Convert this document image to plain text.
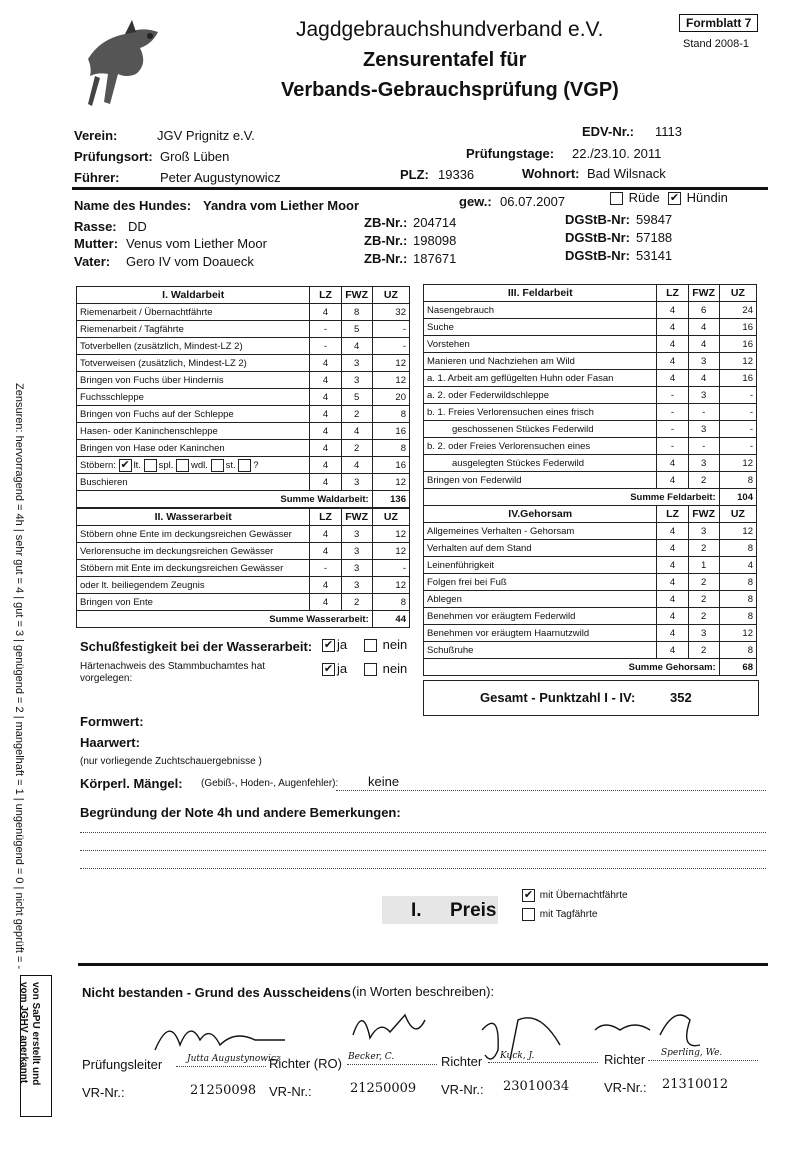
Jagdgebrauchshundverband e.V.
Zensurentafel für
Verbands-Gebrauchsprüfung (VGP)
Formblatt 7
Stand 2008-1
Verein:	JGV Prignitz e.V.	EDV-Nr.: 1113
Prüfungsort: Groß Lüben	Prüfungstage: 22./23.10. 2011
Führer:	Peter Augustynowicz	PLZ: 19336	Wohnort: Bad Wilsnack
Name des Hundes: Yandra vom Liether Moor	gew.: 06.07.2007	Rüde ✔ Hündin
Rasse: DD	ZB-Nr.: 204714	DGStB-Nr: 59847
Mutter: Venus vom Liether Moor	ZB-Nr.: 198098	DGStB-Nr: 57188
Vater: Gero IV vom Doaueck	ZB-Nr.: 187671	DGStB-Nr: 53141
I. Waldarbeit	LZ	FWZ	UZ
Riemenarbeit / Übernachtfährte	4	8	32
Riemenarbeit / Tagfährte	-	5	-
Totverbellen (zusätzlich, Mindest-LZ 2)	-	4	-
Totverweisen (zusätzlich, Mindest-LZ 2)	4	3	12
Bringen von Fuchs über Hindernis	4	3	12
Fuchsschleppe	4	5	20
Bringen von Fuchs auf der Schleppe	4	2	8
Hasen- oder Kaninchenschleppe	4	4	16
Bringen von Hase oder Kaninchen	4	2	8
Stöbern: ✔ lt. spl. wdl. st. ?	4	4	16
Buschieren	4	3	12
Summe Waldarbeit:			136
II. Wasserarbeit	LZ	FWZ	UZ
Stöbern ohne Ente im deckungsreichen Gewässer	4	3	12
Verlorensuche im deckungsreichen Gewässer	4	3	12
Stöbern mit Ente im deckungsreichen Gewässer	-	3	-
oder lt. beiliegendem Zeugnis	4	3	12
Bringen von Ente	4	2	8
Summe Wasserarbeit:			44
III. Feldarbeit	LZ	FWZ	UZ
Nasengebrauch	4	6	24
Suche	4	4	16
Vorstehen	4	4	16
Manieren und Nachziehen am Wild	4	3	12
a. 1. Arbeit am geflügelten Huhn oder Fasan	4	4	16
a. 2. oder Federwildschleppe	-	3	-
b. 1. Freies Verlorensuchen eines frisch	-	-	-
geschossenen Stückes Federwild	-	3	-
b. 2. oder Freies Verlorensuchen eines	-	-	-
ausgelegten Stückes Federwild	4	3	12
Bringen von Federwild	4	2	8
Summe Feldarbeit:			104
IV.Gehorsam	LZ	FWZ	UZ
Allgemeines Verhalten - Gehorsam	4	3	12
Verhalten auf dem Stand	4	2	8
Leinenführigkeit	4	1	4
Folgen frei bei Fuß	4	2	8
Ablegen	4	2	8
Benehmen vor eräugtem Federwild	4	2	8
Benehmen vor eräugtem Haarnutzwild	4	3	12
Schußruhe	4	2	8
Summe Gehorsam:			68
Gesamt - Punktzahl I - IV:	352
Schußfestigkeit bei der Wasserarbeit: ✔ ja	nein
Härtenachweis des Stammbuchamtes hat vorgelegen:
✔ ja	nein
Formwert:
Haarwert:
(nur vorliegende Zuchtschauergebnisse )
Körperl. Mängel: (Gebiß-, Hoden-, Augenfehler): keine
Begründung der Note 4h und andere Bemerkungen:
I. Preis
✔ mit Übernachtfährte
mit Tagfährte
Nicht bestanden - Grund des Ausscheidens (in Worten beschreiben):
Prüfungsleiter	Jutta Augustynowicz
Richter (RO) Becker, C.	Richter Kuck, J.	Richter Sperling, We.
VR-Nr.:	21250098 VR-Nr.:	21250009 VR-Nr.: 23010034	VR-Nr.: 21310012
Zensuren: hervorragend = 4h | sehr gut = 4 | gut = 3 | genügend = 2 | mangelhaft = 1 | ungenügend = 0 | nicht geprüft = -
von SaPU erstellt und
vom JGHV anerkannt
